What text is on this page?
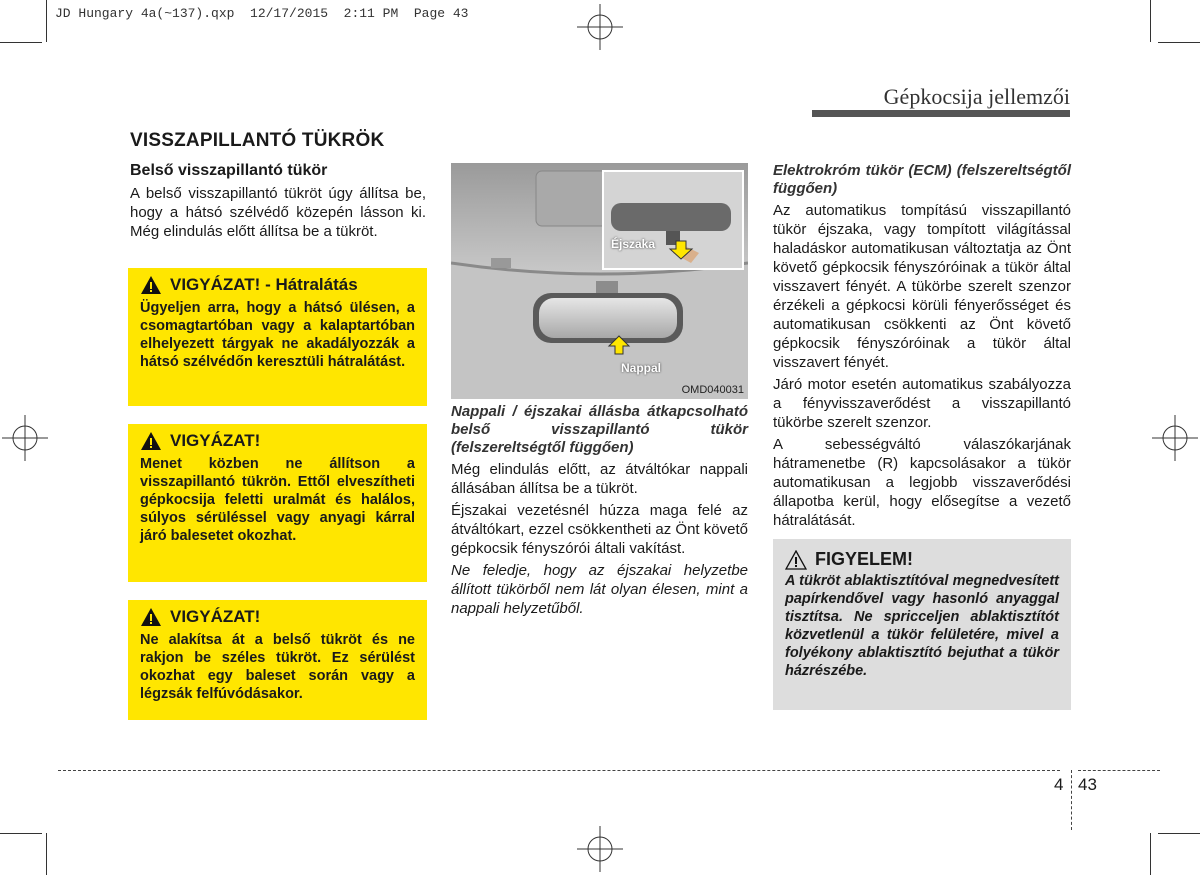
JD Hungary 4a(~137).qxp  12/17/2015  2:11 PM  Page 43
Gépkocsija jellemzői
VISSZAPILLANTÓ TÜKRÖK
Belső visszapillantó tükör

A belső visszapillantó tükröt úgy állítsa be, hogy a hátsó szélvédő közepén lásson ki. Még elindulás előtt állítsa be a tükröt.

VIGYÁZAT! - Hátralátás
Ügyeljen arra, hogy a hátsó ülésen, a csomagtartóban vagy a kalaptartóban elhelyezett tárgyak ne akadályozzák a hátsó szélvédőn keresztüli hátralátást.
VIGYÁZAT!
Menet közben ne állítson a visszapillantó tükrön. Ettől elveszítheti gépkocsija feletti uralmát és halálos, súlyos sérüléssel vagy anyagi kárral járó balesetet okozhat.
VIGYÁZAT!
Ne alakítsa át a belső tükröt és ne rakjon be széles tükröt. Ez sérülést okozhat egy baleset során vagy a légzsák felfúvódásakor.
Éjszaka
Nappal
OMD040031

Nappali / éjszakai állásba átkapcsolható belső visszapillantó tükör (felszereltségtől függően)

Még elindulás előtt, az átváltókar nappali állásában állítsa be a tükröt.

Éjszakai vezetésnél húzza maga felé az átváltókart, ezzel csökkentheti az Önt követő gépkocsik fényszórói általi vakítást.

Ne feledje, hogy az éjszakai helyzetbe állított tükörből nem lát olyan élesen, mint a nappali helyzetűből.

Elektrokróm tükör (ECM) (felszereltségtől függően)

Az automatikus tompítású visszapillantó tükör éjszaka, vagy tompított világítással haladáskor automatikusan változtatja az Önt követő gépkocsik fényszóróinak a tükör által visszavert fényét. A tükörbe szerelt szenzor érzékeli a gépkocsi körüli fényerősséget és automatikusan csökkenti az Önt követő gépkocsik fényszóróinak a tükör által visszavert fényét.

Járó motor esetén automatikus szabályozza a fényvisszaverődést a visszapillantó tükörbe szerelt szenzor.

A sebességváltó válaszókarjának hátramenetbe (R) kapcsolásakor a tükör automatikusan a legjobb visszaverődési állapotba kerül, hogy elősegítse a vezető hátralátását.

FIGYELEM!
A tükröt ablaktisztítóval megnedvesített papírkendővel vagy hasonló anyaggal tisztítsa. Ne spricceljen ablaktisztítót közvetlenül a tükör felületére, mivel a folyékony ablaktisztító bejuthat a tükör házrészébe.
4 43
